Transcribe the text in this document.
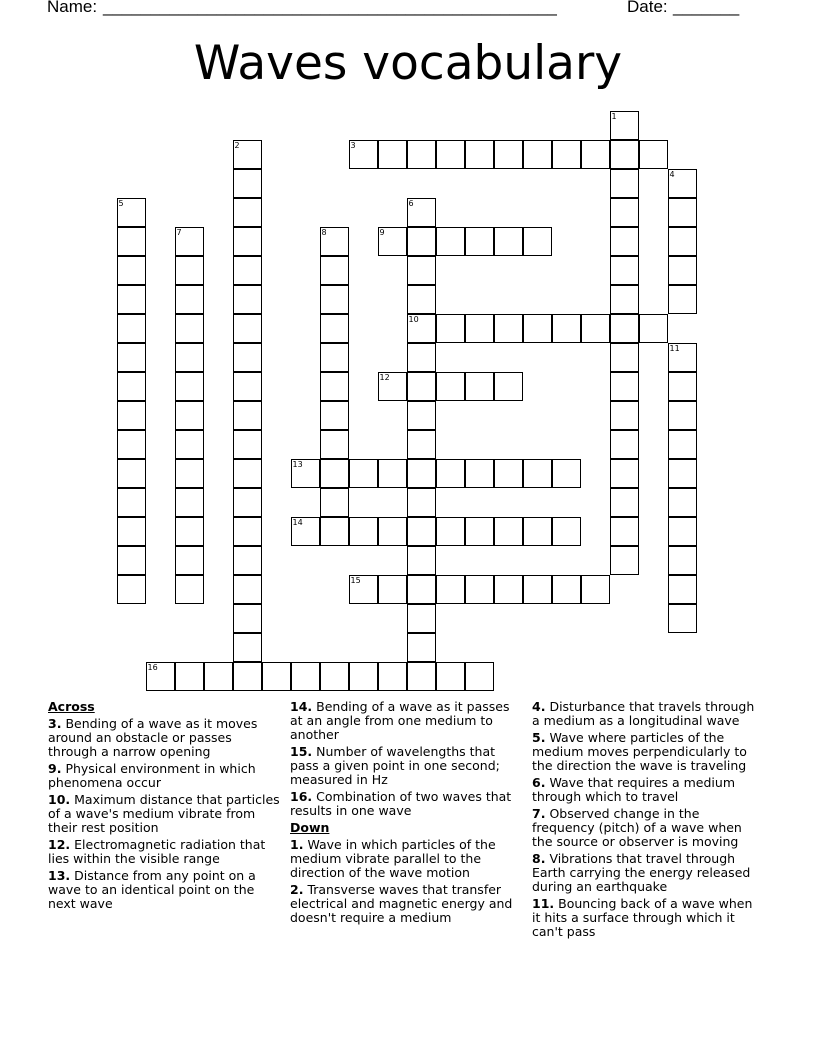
Name: ________________________________________________	Date: _______
Waves vocabulary
1
2	3
4
5	6
10
7	8	9
11
12
13
14
15
16
Across
3. Bending of a wave as it moves around an obstacle or passes through a narrow opening
9. Physical environment in which phenomena occur
10. Maximum distance that particles of a wave's medium vibrate from their rest position
12. Electromagnetic radiation that lies within the visible range
13. Distance from any point on a wave to an identical point on the next wave
14. Bending of a wave as it passes at an angle from one medium to another
15. Number of wavelengths that pass a given point in one second; measured in Hz
16. Combination of two waves that results in one wave
Down
1. Wave in which particles of the medium vibrate parallel to the direction of the wave motion
2. Transverse waves that transfer electrical and magnetic energy and doesn't require a medium
4. Disturbance that travels through a medium as a longitudinal wave
5. Wave where particles of the medium moves perpendicularly to the direction the wave is traveling
6. Wave that requires a medium through which to travel
7. Observed change in the frequency (pitch) of a wave when the source or observer is moving
8. Vibrations that travel through Earth carrying the energy released during an earthquake
11. Bouncing back of a wave when it hits a surface through which it can't pass
